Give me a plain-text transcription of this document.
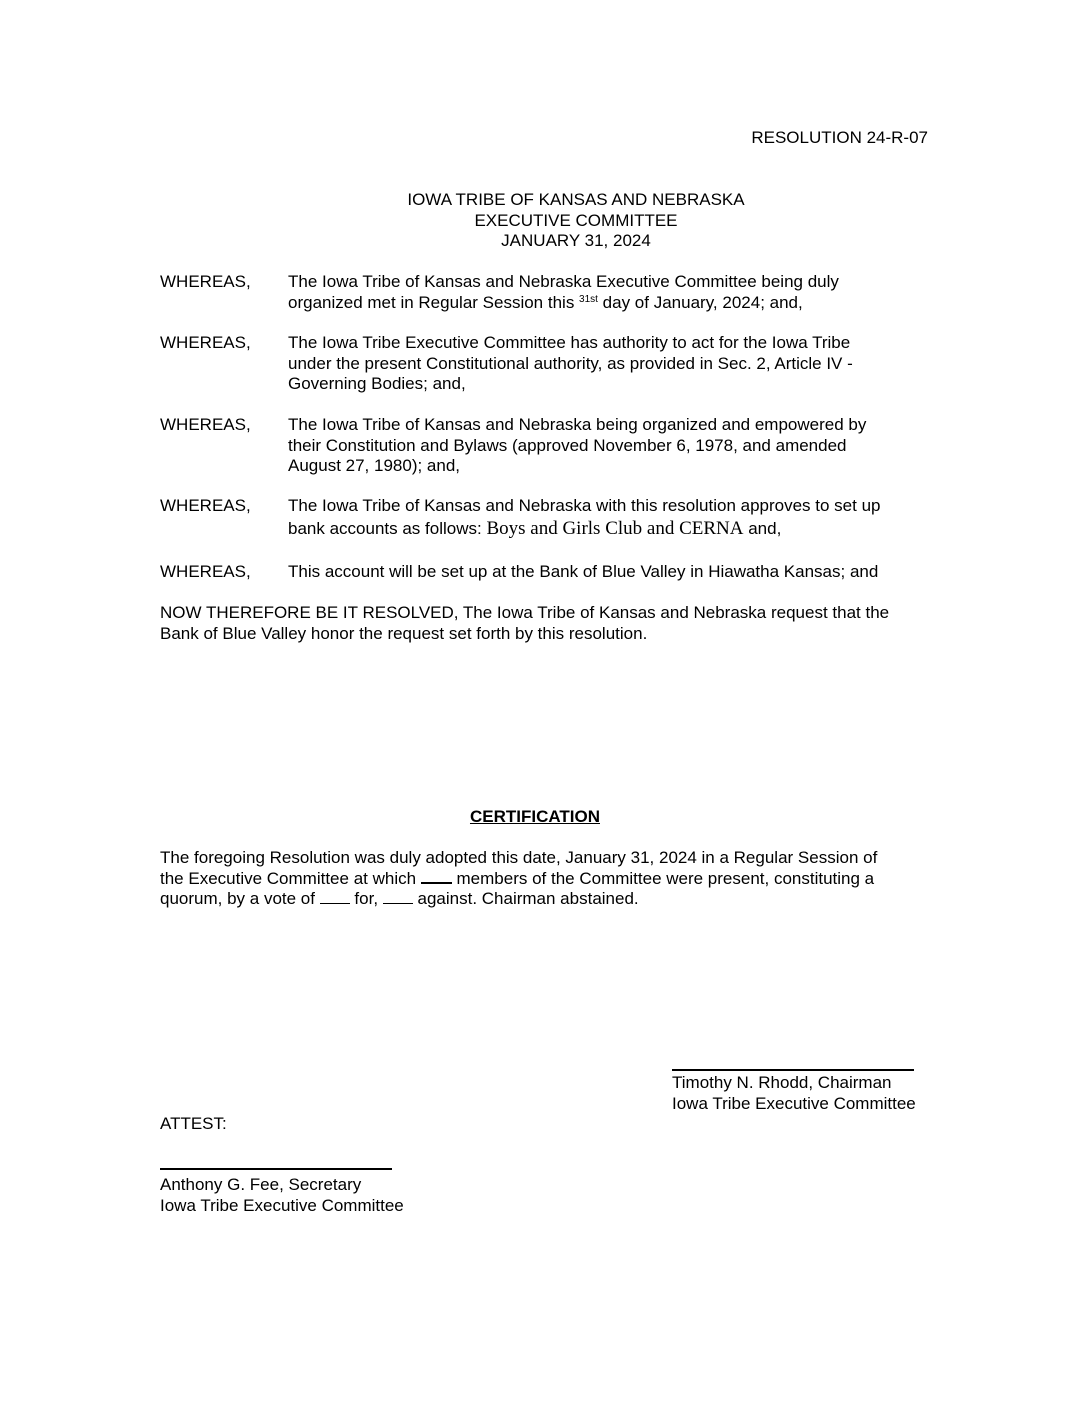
RESOLUTION 24-R-07
IOWA TRIBE OF KANSAS AND NEBRASKA
EXECUTIVE COMMITTEE
JANUARY 31, 2024
WHEREAS,	The Iowa Tribe of Kansas and Nebraska Executive Committee being duly
organized met in Regular Session this $^{31st}$ day of January, 2024; and,
WHEREAS,	The Iowa Tribe Executive Committee has authority to act for the Iowa Tribe
under the present Constitutional authority, as provided in Sec. 2, Article IV -
Governing Bodies; and,
WHEREAS,	The Iowa Tribe of Kansas and Nebraska being organized and empowered by
their Constitution and Bylaws (approved November 6, 1978, and amended
August 27, 1980); and,
WHEREAS,	The Iowa Tribe of Kansas and Nebraska with this resolution approves to set up
bank accounts as follows: Boys and Girls Club and CERNA and,
WHEREAS,	This account will be set up at the Bank of Blue Valley in Hiawatha Kansas; and
NOW THEREFORE BE IT RESOLVED, The Iowa Tribe of Kansas and Nebraska request that the
Bank of Blue Valley honor the request set forth by this resolution.
CERTIFICATION
The foregoing Resolution was duly adopted this date, January 31, 2024 in a Regular Session of
the Executive Committee at which  members of the Committee were present, constituting a
quorum, by a vote of  for,  against. Chairman abstained.
Timothy N. Rhodd, Chairman
Iowa Tribe Executive Committee
ATTEST:
Anthony G. Fee, Secretary
Iowa Tribe Executive Committee
